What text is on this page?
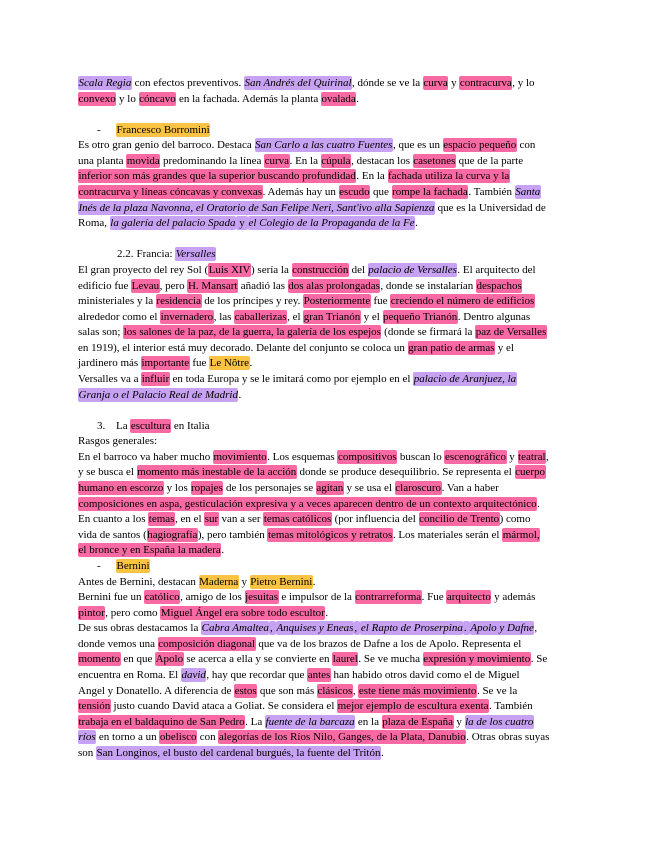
Scala Regia con efectos preventivos. San Andrés del Quirinal, dónde se ve la curva y contracurva, y lo
convexo y lo cóncavo en la fachada. Además la planta ovalada.
- Francesco Borromini
Es otro gran genio del barroco. Destaca San Carlo a las cuatro Fuentes, que es un espacio pequeño con
una planta movida predominando la línea curva. En la cúpula, destacan los casetones que de la parte
inferior son más grandes que la superior buscando profundidad. En la fachada utiliza la curva y la
contracurva y líneas cóncavas y convexas. Además hay un escudo que rompe la fachada. También Santa
Inés de la plaza Navonna, el Oratorio de San Felipe Neri, Sant'ivo alla Sapienza que es la Universidad de
Roma, la galería del palacio Spada y el Colegio de la Propaganda de la Fe.
2.2. Francia: Versalles
El gran proyecto del rey Sol (Luis XIV) sería la construcción del palacio de Versalles. El arquitecto del
edificio fue Levau, pero H. Mansart añadió las dos alas prolongadas, donde se instalarían despachos
ministeriales y la residencia de los príncipes y rey. Posteriormente fue creciendo el número de edificios
alrededor como el invernadero, las caballerizas, el gran Trianón y el pequeño Trianón. Dentro algunas
salas son; los salones de la paz, de la guerra, la galería de los espejos (donde se firmará la paz de Versalles
en 1919), el interior está muy decorado. Delante del conjunto se coloca un gran patio de armas y el
jardinero más importante fue Le Nôtre.
Versalles va a influir en toda Europa y se le imitará como por ejemplo en el palacio de Aranjuez, la
Granja o el Palacio Real de Madrid.
3. La escultura en Italia
Rasgos generales:
En el barroco va haber mucho movimiento. Los esquemas compositivos buscan lo escenográfico y teatral,
y se busca el momento más inestable de la acción donde se produce desequilibrio. Se representa el cuerpo
humano en escorzo y los ropajes de los personajes se agitan y se usa el claroscuro. Van a haber
composiciones en aspa, gesticulación expresiva y a veces aparecen dentro de un contexto arquitectónico.
En cuanto a los temas, en el sur van a ser temas católicos (por influencia del concilio de Trento) como
vida de santos (hagiografía), pero también temas mitológicos y retratos. Los materiales serán el mármol,
el bronce y en España la madera.
- Bernini
Antes de Bernini, destacan Maderna y Pietro Bernini.
Bernini fue un católico, amigo de los jesuitas e impulsor de la contrarreforma. Fue arquitecto y además
pintor, pero como Miguel Ángel era sobre todo escultor.
De sus obras destacamos la Cabra Amaltea, Anquises y Eneas, el Rapto de Proserpina. Apolo y Dafne,
donde vemos una composición diagonal que va de los brazos de Dafne a los de Apolo. Representa el
momento en que Apolo se acerca a ella y se convierte en laurel. Se ve mucha expresión y movimiento. Se
encuentra en Roma. El david, hay que recordar que antes han habido otros david como el de Miguel
Angel y Donatello. A diferencia de estos que son más clásicos, este tiene más movimiento. Se ve la
tensión justo cuando David ataca a Goliat. Se considera el mejor ejemplo de escultura exenta. También
trabaja en el baldaquino de San Pedro. La fuente de la barcaza en la plaza de España y la de los cuatro
ríos en torno a un obelisco con alegorías de los Ríos Nilo, Ganges, de la Plata, Danubio. Otras obras suyas
son San Longinos, el busto del cardenal burgués, la fuente del Tritón.
